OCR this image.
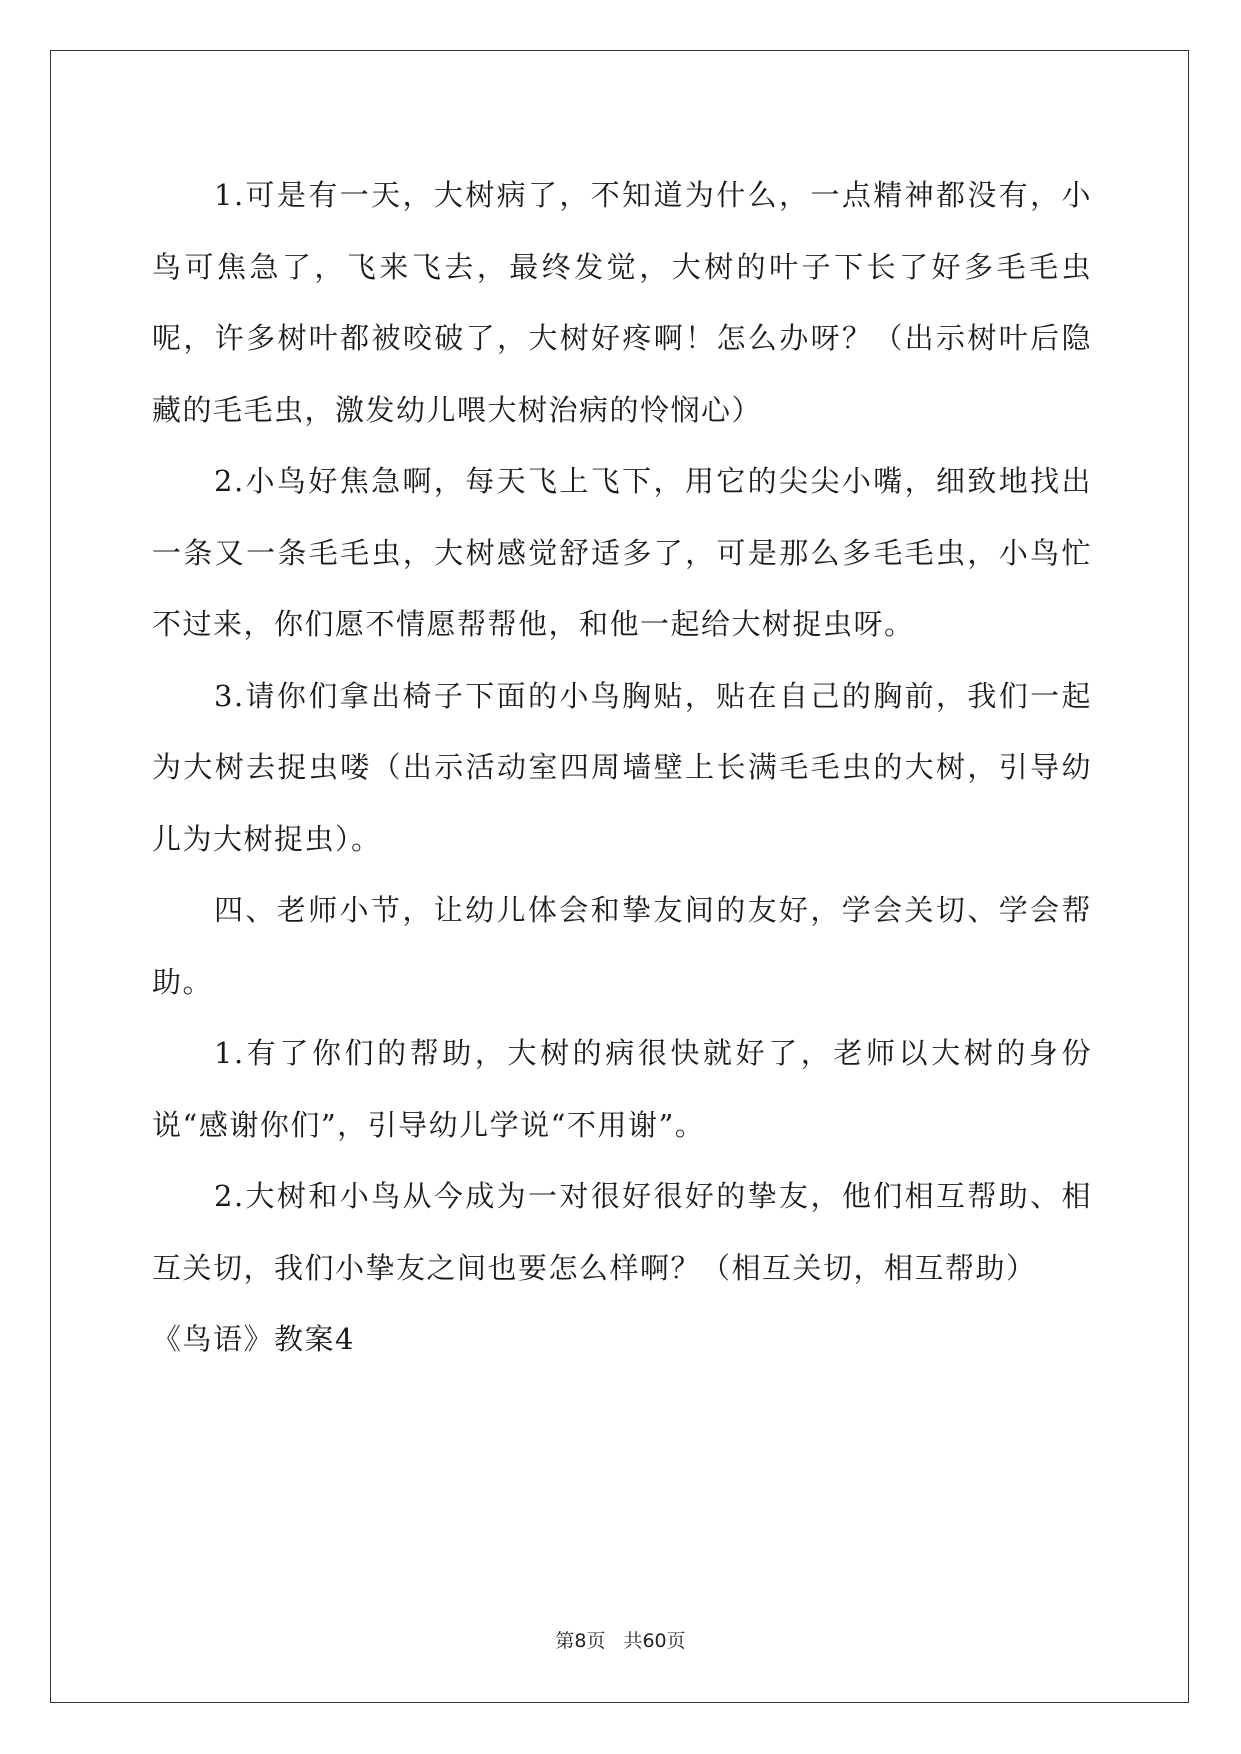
1.可是有一天，大树病了，不知道为什么，一点精神都没有，小鸟可焦急了，飞来飞去，最终发觉，大树的叶子下长了好多毛毛虫呢，许多树叶都被咬破了，大树好疼啊！怎么办呀？（出示树叶后隐藏的毛毛虫，激发幼儿喂大树治病的怜悯心）

2.小鸟好焦急啊，每天飞上飞下，用它的尖尖小嘴，细致地找出一条又一条毛毛虫，大树感觉舒适多了，可是那么多毛毛虫，小鸟忙不过来，你们愿不情愿帮帮他，和他一起给大树捉虫呀。

3.请你们拿出椅子下面的小鸟胸贴，贴在自己的胸前，我们一起为大树去捉虫喽（出示活动室四周墙壁上长满毛毛虫的大树，引导幼儿为大树捉虫）。

四、老师小节，让幼儿体会和挚友间的友好，学会关切、学会帮助。

1.有了你们的帮助，大树的病很快就好了，老师以大树的身份说“感谢你们”，引导幼儿学说“不用谢”。

2.大树和小鸟从今成为一对很好很好的挚友，他们相互帮助、相互关切，我们小挚友之间也要怎么样啊？（相互关切，相互帮助）

《鸟语》教案4

第8页 共60页
